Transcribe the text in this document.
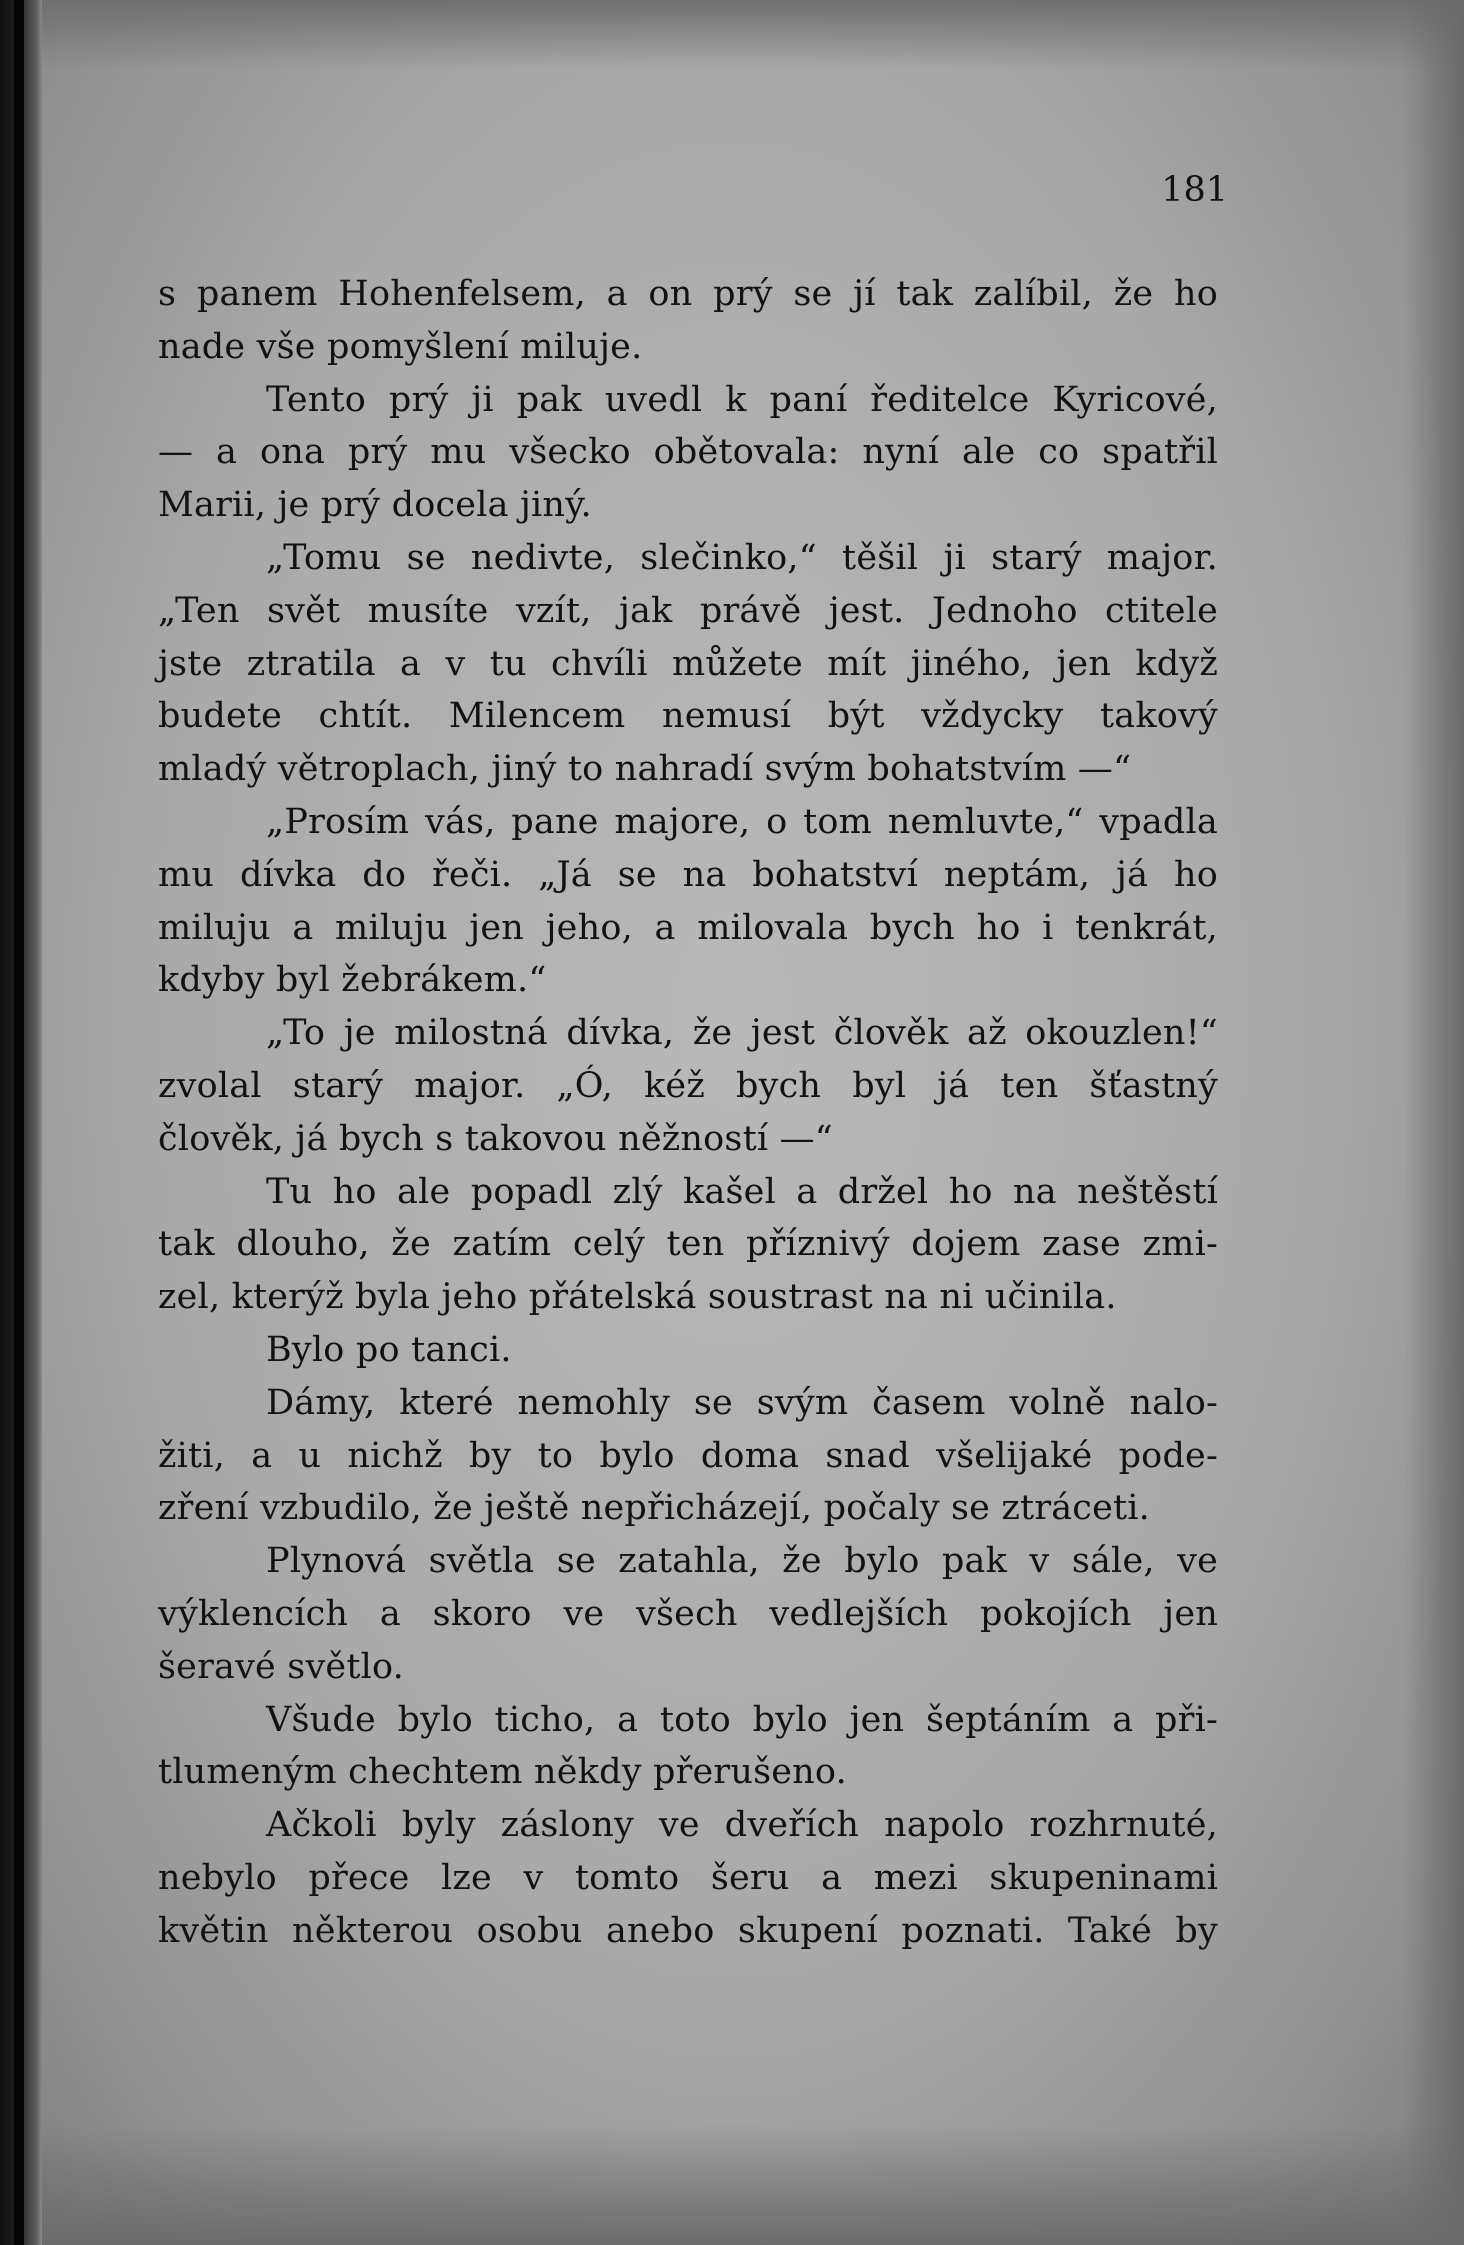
181
s panem Hohenfelsem, a on prý se jí tak zalíbil, že ho
nade vše pomyšlení miluje.
Tento prý ji pak uvedl k paní ředitelce Kyricové,
— a ona prý mu všecko obětovala: nyní ale co spatřil
Marii, je prý docela jiný.
„Tomu se nedivte, slečinko,“ těšil ji starý major.
„Ten svět musíte vzít, jak právě jest. Jednoho ctitele
jste ztratila a v tu chvíli můžete mít jiného, jen když
budete chtít. Milencem nemusí být vždycky takový
mladý větroplach, jiný to nahradí svým bohatstvím —“
„Prosím vás, pane majore, o tom nemluvte,“ vpadla
mu dívka do řeči. „Já se na bohatství neptám, já ho
miluju a miluju jen jeho, a milovala bych ho i tenkrát,
kdyby byl žebrákem.“
„To je milostná dívka, že jest člověk až okouzlen!“
zvolal starý major. „Ó, kéž bych byl já ten šťastný
člověk, já bych s takovou něžností —“
Tu ho ale popadl zlý kašel a držel ho na neštěstí
tak dlouho, že zatím celý ten příznivý dojem zase zmi-
zel, kterýž byla jeho přátelská soustrast na ni učinila.
Bylo po tanci.
Dámy, které nemohly se svým časem volně nalo-
žiti, a u nichž by to bylo doma snad všelijaké pode-
zření vzbudilo, že ještě nepřicházejí, počaly se ztráceti.
Plynová světla se zatahla, že bylo pak v sále, ve
výklencích a skoro ve všech vedlejších pokojích jen
šeravé světlo.
Všude bylo ticho, a toto bylo jen šeptáním a při-
tlumeným chechtem někdy přerušeno.
Ačkoli byly záslony ve dveřích napolo rozhrnuté,
nebylo přece lze v tomto šeru a mezi skupeninami
květin některou osobu anebo skupení poznati. Také by
